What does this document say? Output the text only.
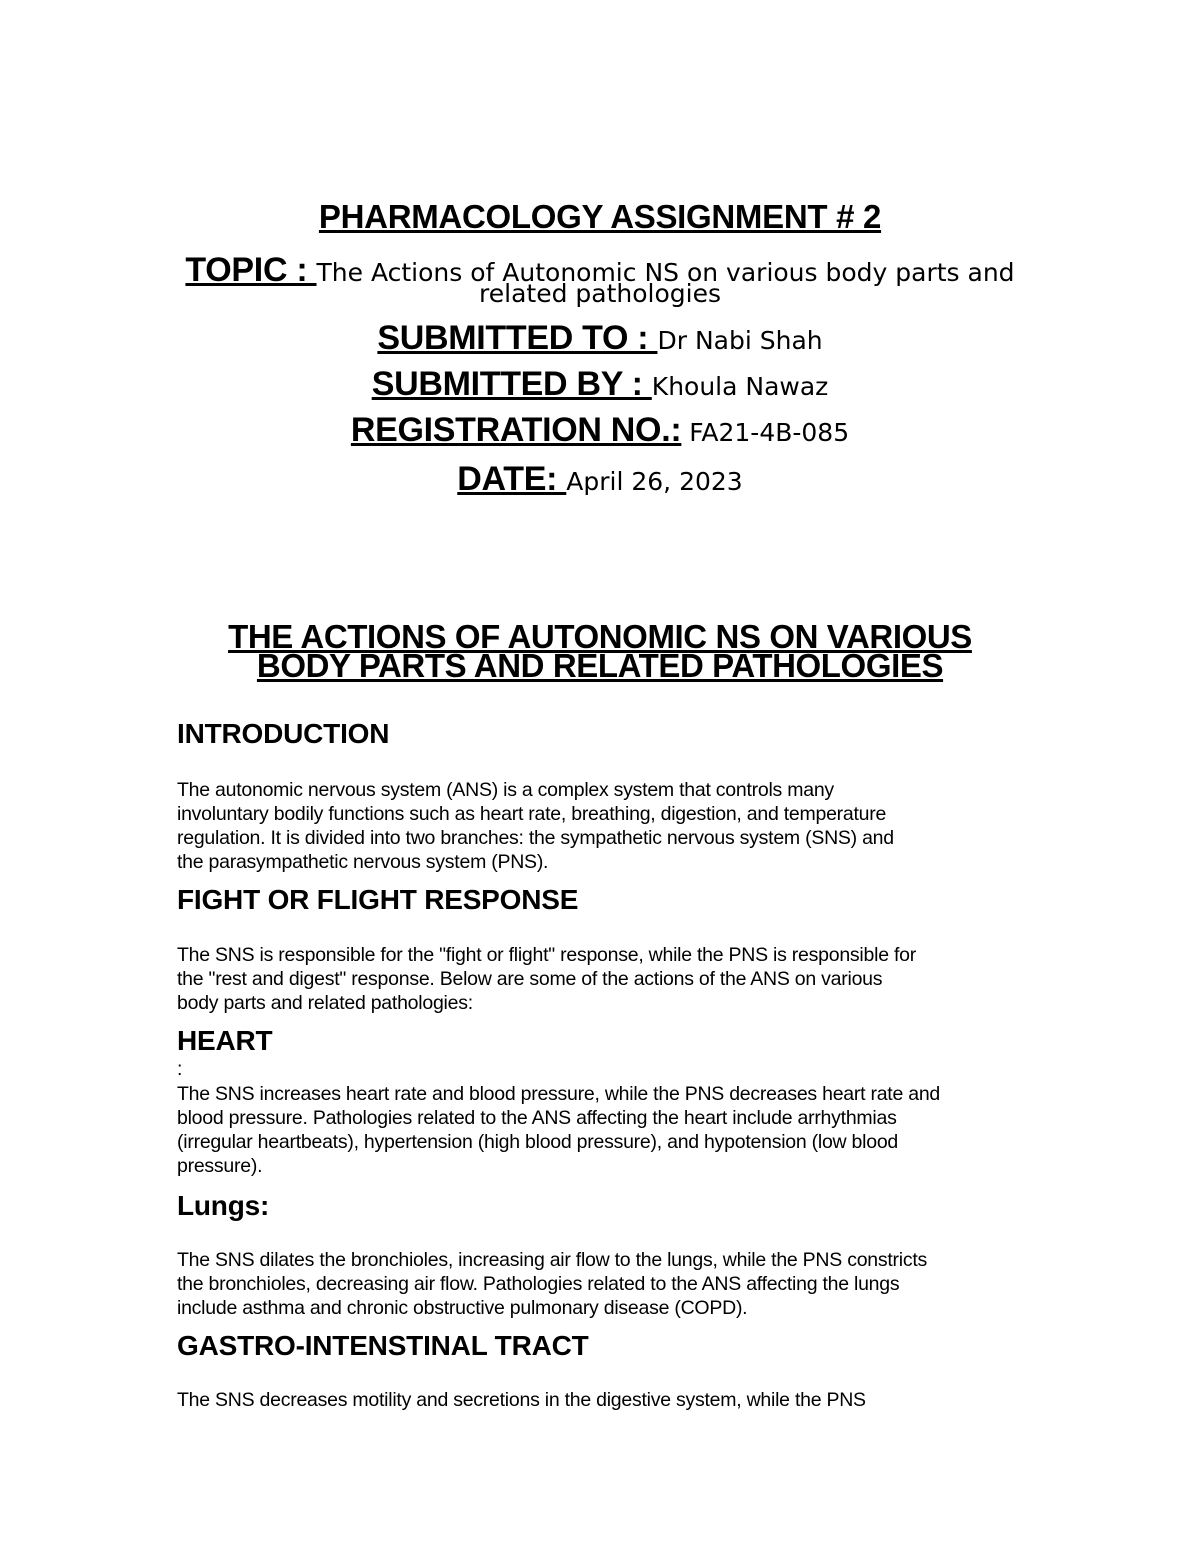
PHARMACOLOGY ASSIGNMENT # 2
TOPIC : The Actions of Autonomic NS on various body parts and
related pathologies
SUBMITTED TO : Dr Nabi Shah
SUBMITTED BY : Khoula Nawaz
REGISTRATION NO.: FA21-4B-085
DATE: April 26, 2023
THE ACTIONS OF AUTONOMIC NS ON VARIOUS
BODY PARTS AND RELATED PATHOLOGIES
INTRODUCTION
The autonomic nervous system (ANS) is a complex system that controls many
involuntary bodily functions such as heart rate, breathing, digestion, and temperature
regulation. It is divided into two branches: the sympathetic nervous system (SNS) and
the parasympathetic nervous system (PNS).
FIGHT OR FLIGHT RESPONSE
The SNS is responsible for the "fight or flight" response, while the PNS is responsible for
the "rest and digest" response. Below are some of the actions of the ANS on various
body parts and related pathologies:
HEART
:
The SNS increases heart rate and blood pressure, while the PNS decreases heart rate and
blood pressure. Pathologies related to the ANS affecting the heart include arrhythmias
(irregular heartbeats), hypertension (high blood pressure), and hypotension (low blood
pressure).
Lungs:
The SNS dilates the bronchioles, increasing air flow to the lungs, while the PNS constricts
the bronchioles, decreasing air flow. Pathologies related to the ANS affecting the lungs
include asthma and chronic obstructive pulmonary disease (COPD).
GASTRO-INTENSTINAL TRACT
The SNS decreases motility and secretions in the digestive system, while the PNS
